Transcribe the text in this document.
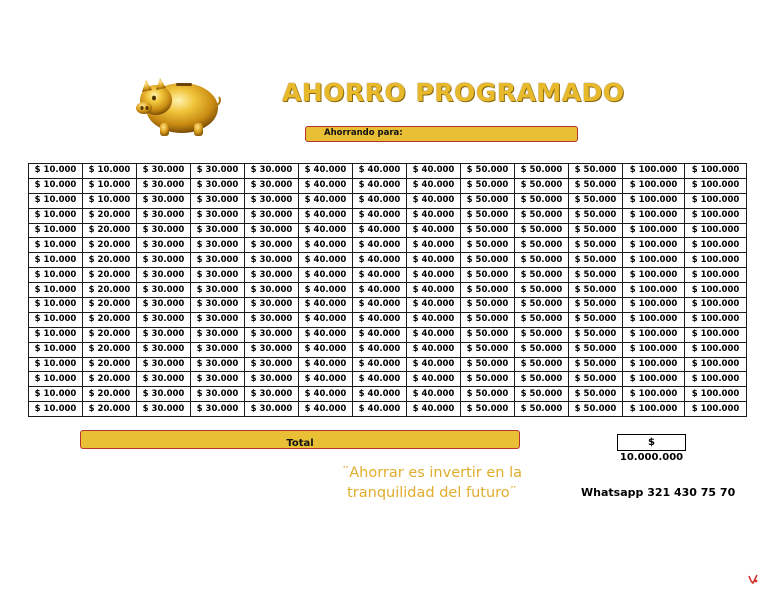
AHORRO PROGRAMADO
Ahorrando para:
$ 10.000	$ 10.000	$ 30.000	$ 30.000	$ 30.000	$ 40.000	$ 40.000	$ 40.000	$ 50.000	$ 50.000	$ 50.000	$ 100.000	$ 100.000
$ 10.000	$ 10.000	$ 30.000	$ 30.000	$ 30.000	$ 40.000	$ 40.000	$ 40.000	$ 50.000	$ 50.000	$ 50.000	$ 100.000	$ 100.000
$ 10.000	$ 10.000	$ 30.000	$ 30.000	$ 30.000	$ 40.000	$ 40.000	$ 40.000	$ 50.000	$ 50.000	$ 50.000	$ 100.000	$ 100.000
$ 10.000	$ 20.000	$ 30.000	$ 30.000	$ 30.000	$ 40.000	$ 40.000	$ 40.000	$ 50.000	$ 50.000	$ 50.000	$ 100.000	$ 100.000
$ 10.000	$ 20.000	$ 30.000	$ 30.000	$ 30.000	$ 40.000	$ 40.000	$ 40.000	$ 50.000	$ 50.000	$ 50.000	$ 100.000	$ 100.000
$ 10.000	$ 20.000	$ 30.000	$ 30.000	$ 30.000	$ 40.000	$ 40.000	$ 40.000	$ 50.000	$ 50.000	$ 50.000	$ 100.000	$ 100.000
$ 10.000	$ 20.000	$ 30.000	$ 30.000	$ 30.000	$ 40.000	$ 40.000	$ 40.000	$ 50.000	$ 50.000	$ 50.000	$ 100.000	$ 100.000
$ 10.000	$ 20.000	$ 30.000	$ 30.000	$ 30.000	$ 40.000	$ 40.000	$ 40.000	$ 50.000	$ 50.000	$ 50.000	$ 100.000	$ 100.000
$ 10.000	$ 20.000	$ 30.000	$ 30.000	$ 30.000	$ 40.000	$ 40.000	$ 40.000	$ 50.000	$ 50.000	$ 50.000	$ 100.000	$ 100.000
$ 10.000	$ 20.000	$ 30.000	$ 30.000	$ 30.000	$ 40.000	$ 40.000	$ 40.000	$ 50.000	$ 50.000	$ 50.000	$ 100.000	$ 100.000
$ 10.000	$ 20.000	$ 30.000	$ 30.000	$ 30.000	$ 40.000	$ 40.000	$ 40.000	$ 50.000	$ 50.000	$ 50.000	$ 100.000	$ 100.000
$ 10.000	$ 20.000	$ 30.000	$ 30.000	$ 30.000	$ 40.000	$ 40.000	$ 40.000	$ 50.000	$ 50.000	$ 50.000	$ 100.000	$ 100.000
$ 10.000	$ 20.000	$ 30.000	$ 30.000	$ 30.000	$ 40.000	$ 40.000	$ 40.000	$ 50.000	$ 50.000	$ 50.000	$ 100.000	$ 100.000
$ 10.000	$ 20.000	$ 30.000	$ 30.000	$ 30.000	$ 40.000	$ 40.000	$ 40.000	$ 50.000	$ 50.000	$ 50.000	$ 100.000	$ 100.000
$ 10.000	$ 20.000	$ 30.000	$ 30.000	$ 30.000	$ 40.000	$ 40.000	$ 40.000	$ 50.000	$ 50.000	$ 50.000	$ 100.000	$ 100.000
$ 10.000	$ 20.000	$ 30.000	$ 30.000	$ 30.000	$ 40.000	$ 40.000	$ 40.000	$ 50.000	$ 50.000	$ 50.000	$ 100.000	$ 100.000
$ 10.000	$ 20.000	$ 30.000	$ 30.000	$ 30.000	$ 40.000	$ 40.000	$ 40.000	$ 50.000	$ 50.000	$ 50.000	$ 100.000	$ 100.000
Total	$ 10.000.000
¨Ahorrar es invertir en la
tranquilidad del futuro¨	Whatsapp 321 430 75 70
